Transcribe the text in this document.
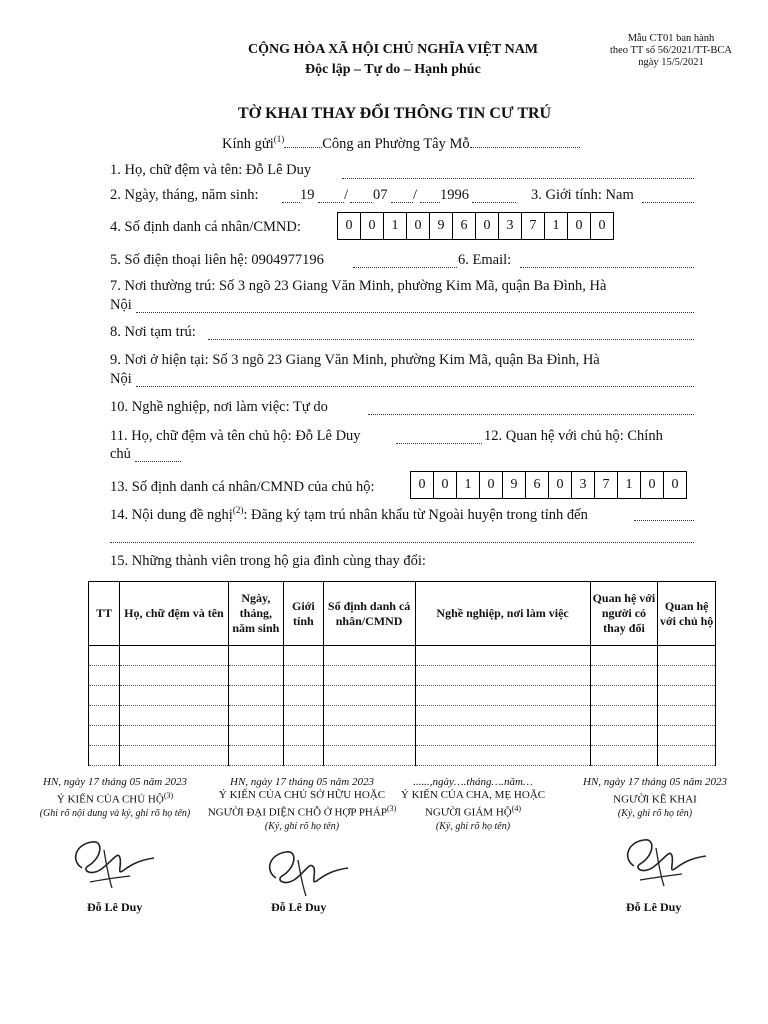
CỘNG HÒA XÃ HỘI CHỦ NGHĨA VIỆT NAM
Độc lập – Tự do – Hạnh phúc
Mẫu CT01 ban hành
theo TT số 56/2021/TT-BCA
ngày 15/5/2021
TỜ KHAI THAY ĐỔI THÔNG TIN CƯ TRÚ
Kính gửi$^{(1)}$	Công an Phường Tây Mỗ
1. Họ, chữ đệm và tên: Đỗ Lê Duy
2. Ngày, tháng, năm sinh:	19 / 07 / 1996	3. Giới tính: Nam
4. Số định danh cá nhân/CMND:	0	0	1	0	9	6	0	3	7	1	0	0
5. Số điện thoại liên hệ: 0904977196	6. Email:
7. Nơi thường trú: Số 3 ngõ 23 Giang Văn Minh, phường Kim Mã, quận Ba Đình, Hà
Nội
8. Nơi tạm trú:
9. Nơi ở hiện tại: Số 3 ngõ 23 Giang Văn Minh, phường Kim Mã, quận Ba Đình, Hà
Nội
10. Nghề nghiệp, nơi làm việc: Tự do
11. Họ, chữ đệm và tên chủ hộ: Đỗ Lê Duy	12. Quan hệ với chủ hộ: Chính
chủ
13. Số định danh cá nhân/CMND của chủ hộ:	0	0	1	0	9	6	0	3	7	1	0	0
14. Nội dung đề nghị$^{(2)}$: Đăng ký tạm trú nhân khẩu từ Ngoài huyện trong tỉnh đến
15. Những thành viên trong hộ gia đình cùng thay đổi:
TT	Họ, chữ đệm và tên	Ngày, tháng, năm sinh	Giới tính	Số định danh cá nhân/CMND	Nghề nghiệp, nơi làm việc	Quan hệ với người có thay đổi	Quan hệ với chủ hộ

HN, ngày 17 tháng 05 năm 2023
Ý KIẾN CỦA CHỦ HỘ$^{(3)}$
(Ghi rõ nội dung và ký, ghi rõ họ tên)
Đỗ Lê Duy
HN, ngày 17 tháng 05 năm 2023
Ý KIẾN CỦA CHỦ SỞ HỮU HOẶC NGƯỜI ĐẠI DIỆN CHỖ Ở HỢP PHÁP$^{(3)}$
(Ký, ghi rõ họ tên)
Đỗ Lê Duy
......,ngày….tháng….năm…
Ý KIẾN CỦA CHA, MẸ HOẶC NGƯỜI GIÁM HỘ$^{(4)}$
(Ký, ghi rõ họ tên)
HN, ngày 17 tháng 05 năm 2023
NGƯỜI KÊ KHAI
(Ký, ghi rõ họ tên)
Đỗ Lê Duy
